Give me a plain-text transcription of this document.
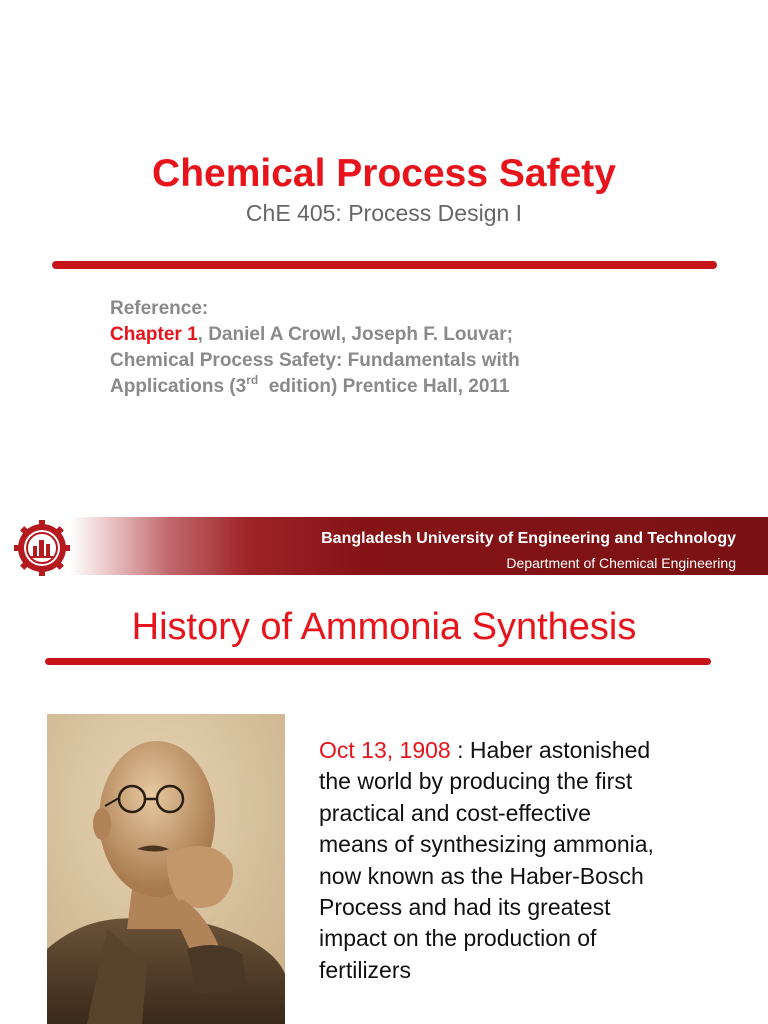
Chemical Process Safety
ChE 405: Process Design I
Reference:
Chapter 1, Daniel A Crowl, Joseph F. Louvar;
Chemical Process Safety: Fundamentals with
Applications (3rd  edition) Prentice Hall, 2011
Bangladesh University of Engineering and Technology
Department of Chemical Engineering
History of Ammonia Synthesis
Oct 13, 1908 : Haber astonished
the world by producing the first
practical and cost-effective
means of synthesizing ammonia,
now known as the Haber-Bosch
Process and had its greatest
impact on the production of
fertilizers
